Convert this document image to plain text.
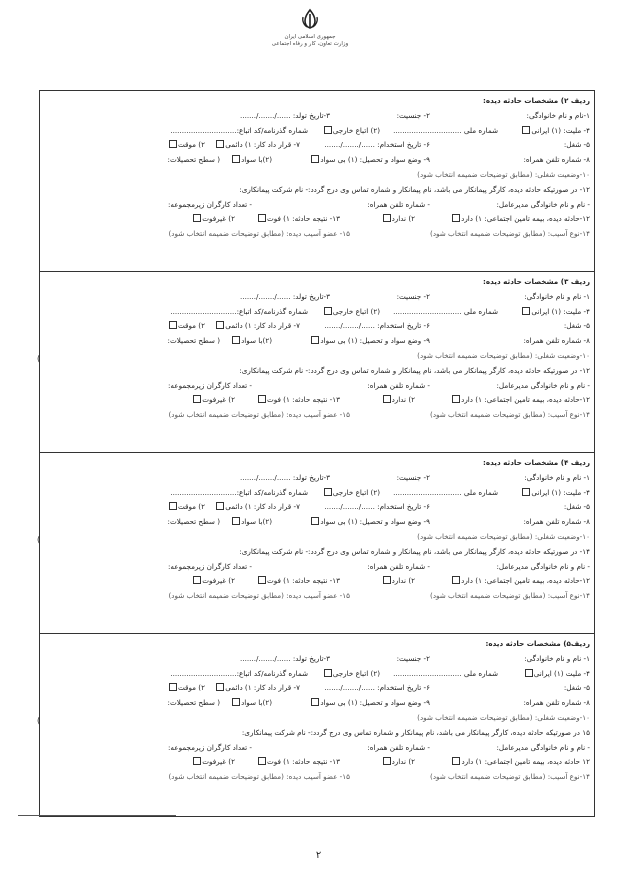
جمهوری اسلامی ایران
وزارت تعاون، کار و رفاه اجتماعی
ردیف ۲) مشخصات حادثه دیده:
۱-نام و نام خانوادگی:
۲- جنسیت:
۳-تاریخ تولد: ....../......./.......
۴- ملیت: (۱) ایرانی
شماره ملی ..............................
(۲) اتباع خارجی
شماره گذرنامه/کد اتباع:.............................
۵- شغل:
۶- تاریخ استخدام: ....../......./.......
۷- قرار داد کار: ۱) دائمی
۲) موقت
۸- شماره تلفن همراه:
۹- وضع سواد و تحصیل: (۱) بی سواد
(۲)با سواد
( سطح تحصیلات:
۱۰-وضعیت شغلی: (مطابق توضیحات ضمیمه انتخاب شود)
۱۲- در صورتیکه حادثه دیده، کارگر پیمانکار می باشد، نام پیمانکار و شماره تماس وی درج گردد:- نام شرکت پیمانکاری:
- نام و نام خانوادگی مدیرعامل:
- شماره تلفن همراه:
- تعداد کارگران زیرمجموعه:
۱۲-حادثه دیده، بیمه تامین اجتماعی: ۱) دارد
۲) ندارد
۱۳- نتیجه حادثه: ۱) فوت
۲) غیرفوت
۱۴-نوع آسیب: (مطابق توضیحات ضمیمه انتخاب شود)
۱۵- عضو آسیب دیده: (مطابق توضیحات ضمیمه انتخاب شود)
ردیف ۳) مشخصات حادثه دیده:
۱- نام و نام خانوادگی:
۲- جنسیت:
۳-تاریخ تولد: ....../......./.......
۴- ملیت: (۱) ایرانی
شماره ملی ..............................
(۲) اتباع خارجی
شماره گذرنامه/کد اتباع:.............................
۵- شغل:
۶- تاریخ استخدام: ....../......./.......
۷- قرار داد کار: ۱) دائمی
۲) موقت
۸- شماره تلفن همراه:
۹- وضع سواد و تحصیل: (۱) بی سواد
(۲)با سواد
( سطح تحصیلات:
۱۰-وضعیت شغلی: (مطابق توضیحات ضمیمه انتخاب شود)
۱۲- در صورتیکه حادثه دیده، کارگر پیمانکار می باشد، نام پیمانکار و شماره تماس وی درج گردد:- نام شرکت پیمانکاری:
- نام و نام خانوادگی مدیرعامل:
- شماره تلفن همراه:
- تعداد کارگران زیرمجموعه:
۱۲-حادثه دیده، بیمه تامین اجتماعی: ۱) دارد
۲) ندارد
۱۳- نتیجه حادثه: ۱) فوت
۲) غیرفوت
۱۴-نوع آسیب: (مطابق توضیحات ضمیمه انتخاب شود)
۱۵- عضو آسیب دیده: (مطابق توضیحات ضمیمه انتخاب شود)
)
ردیف ۴) مشخصات حادثه دیده:
۱- نام و نام خانوادگی:
۲- جنسیت:
۳-تاریخ تولد: ....../......./.......
۴- ملیت: (۱) ایرانی
شماره ملی ..............................
(۲) اتباع خارجی
شماره گذرنامه/کد اتباع:.............................
۵- شغل:
۶- تاریخ استخدام: ....../......./.......
۷- قرار داد کار: ۱) دائمی
۲) موقت
۸- شماره تلفن همراه:
۹- وضع سواد و تحصیل: (۱) بی سواد
(۲)با سواد
( سطح تحصیلات:
۱۰-وضعیت شغلی: (مطابق توضیحات ضمیمه انتخاب شود)
۱۴- در صورتیکه حادثه دیده، کارگر پیمانکار می باشد، نام پیمانکار و شماره تماس وی درج گردد:- نام شرکت پیمانکاری:
- نام و نام خانوادگی مدیرعامل:
- شماره تلفن همراه:
- تعداد کارگران زیرمجموعه:
۱۲-حادثه دیده، بیمه تامین اجتماعی: ۱) دارد
۲) ندارد
۱۳- نتیجه حادثه: ۱) فوت
۲) غیرفوت
۱۴-نوع آسیب: (مطابق توضیحات ضمیمه انتخاب شود)
۱۵- عضو آسیب دیده: (مطابق توضیحات ضمیمه انتخاب شود)
)
ردیف۵) مشخصات حادثه دیده:
۱- نام و نام خانوادگی:
۲- جنسیت:
۳-تاریخ تولد: ....../......./.......
۴- ملیت (۱) ایرانی
شماره ملی ..............................
(۲) اتباع خارجی
شماره گذرنامه/کد اتباع:.............................
۵- شغل:
۶- تاریخ استخدام: ....../......./.......
۷- قرار داد کار: ۱) دائمی
۲) موقت
۸- شماره تلفن همراه:
۹- وضع سواد و تحصیل: (۱) بی سواد
(۲)با سواد
( سطح تحصیلات:
۱۰-وضعیت شغلی: (مطابق توضیحات ضمیمه انتخاب شود)
۱۵ در صورتیکه حادثه دیده، کارگر پیمانکار می باشد، نام پیمانکار و شماره تماس وی درج گردد:- نام شرکت پیمانکاری:
- نام و نام خانوادگی مدیرعامل:
- شماره تلفن همراه:
- تعداد کارگران زیرمجموعه:
۱۲ حادثه دیده، بیمه تامین اجتماعی: ۱) دارد
۲) ندارد
۱۳- نتیجه حادثه: ۱) فوت
۲) غیرفوت
۱۴-نوع آسیب: (مطابق توضیحات ضمیمه انتخاب شود)
۱۵- عضو آسیب دیده: (مطابق توضیحات ضمیمه انتخاب شود)
)
۲
